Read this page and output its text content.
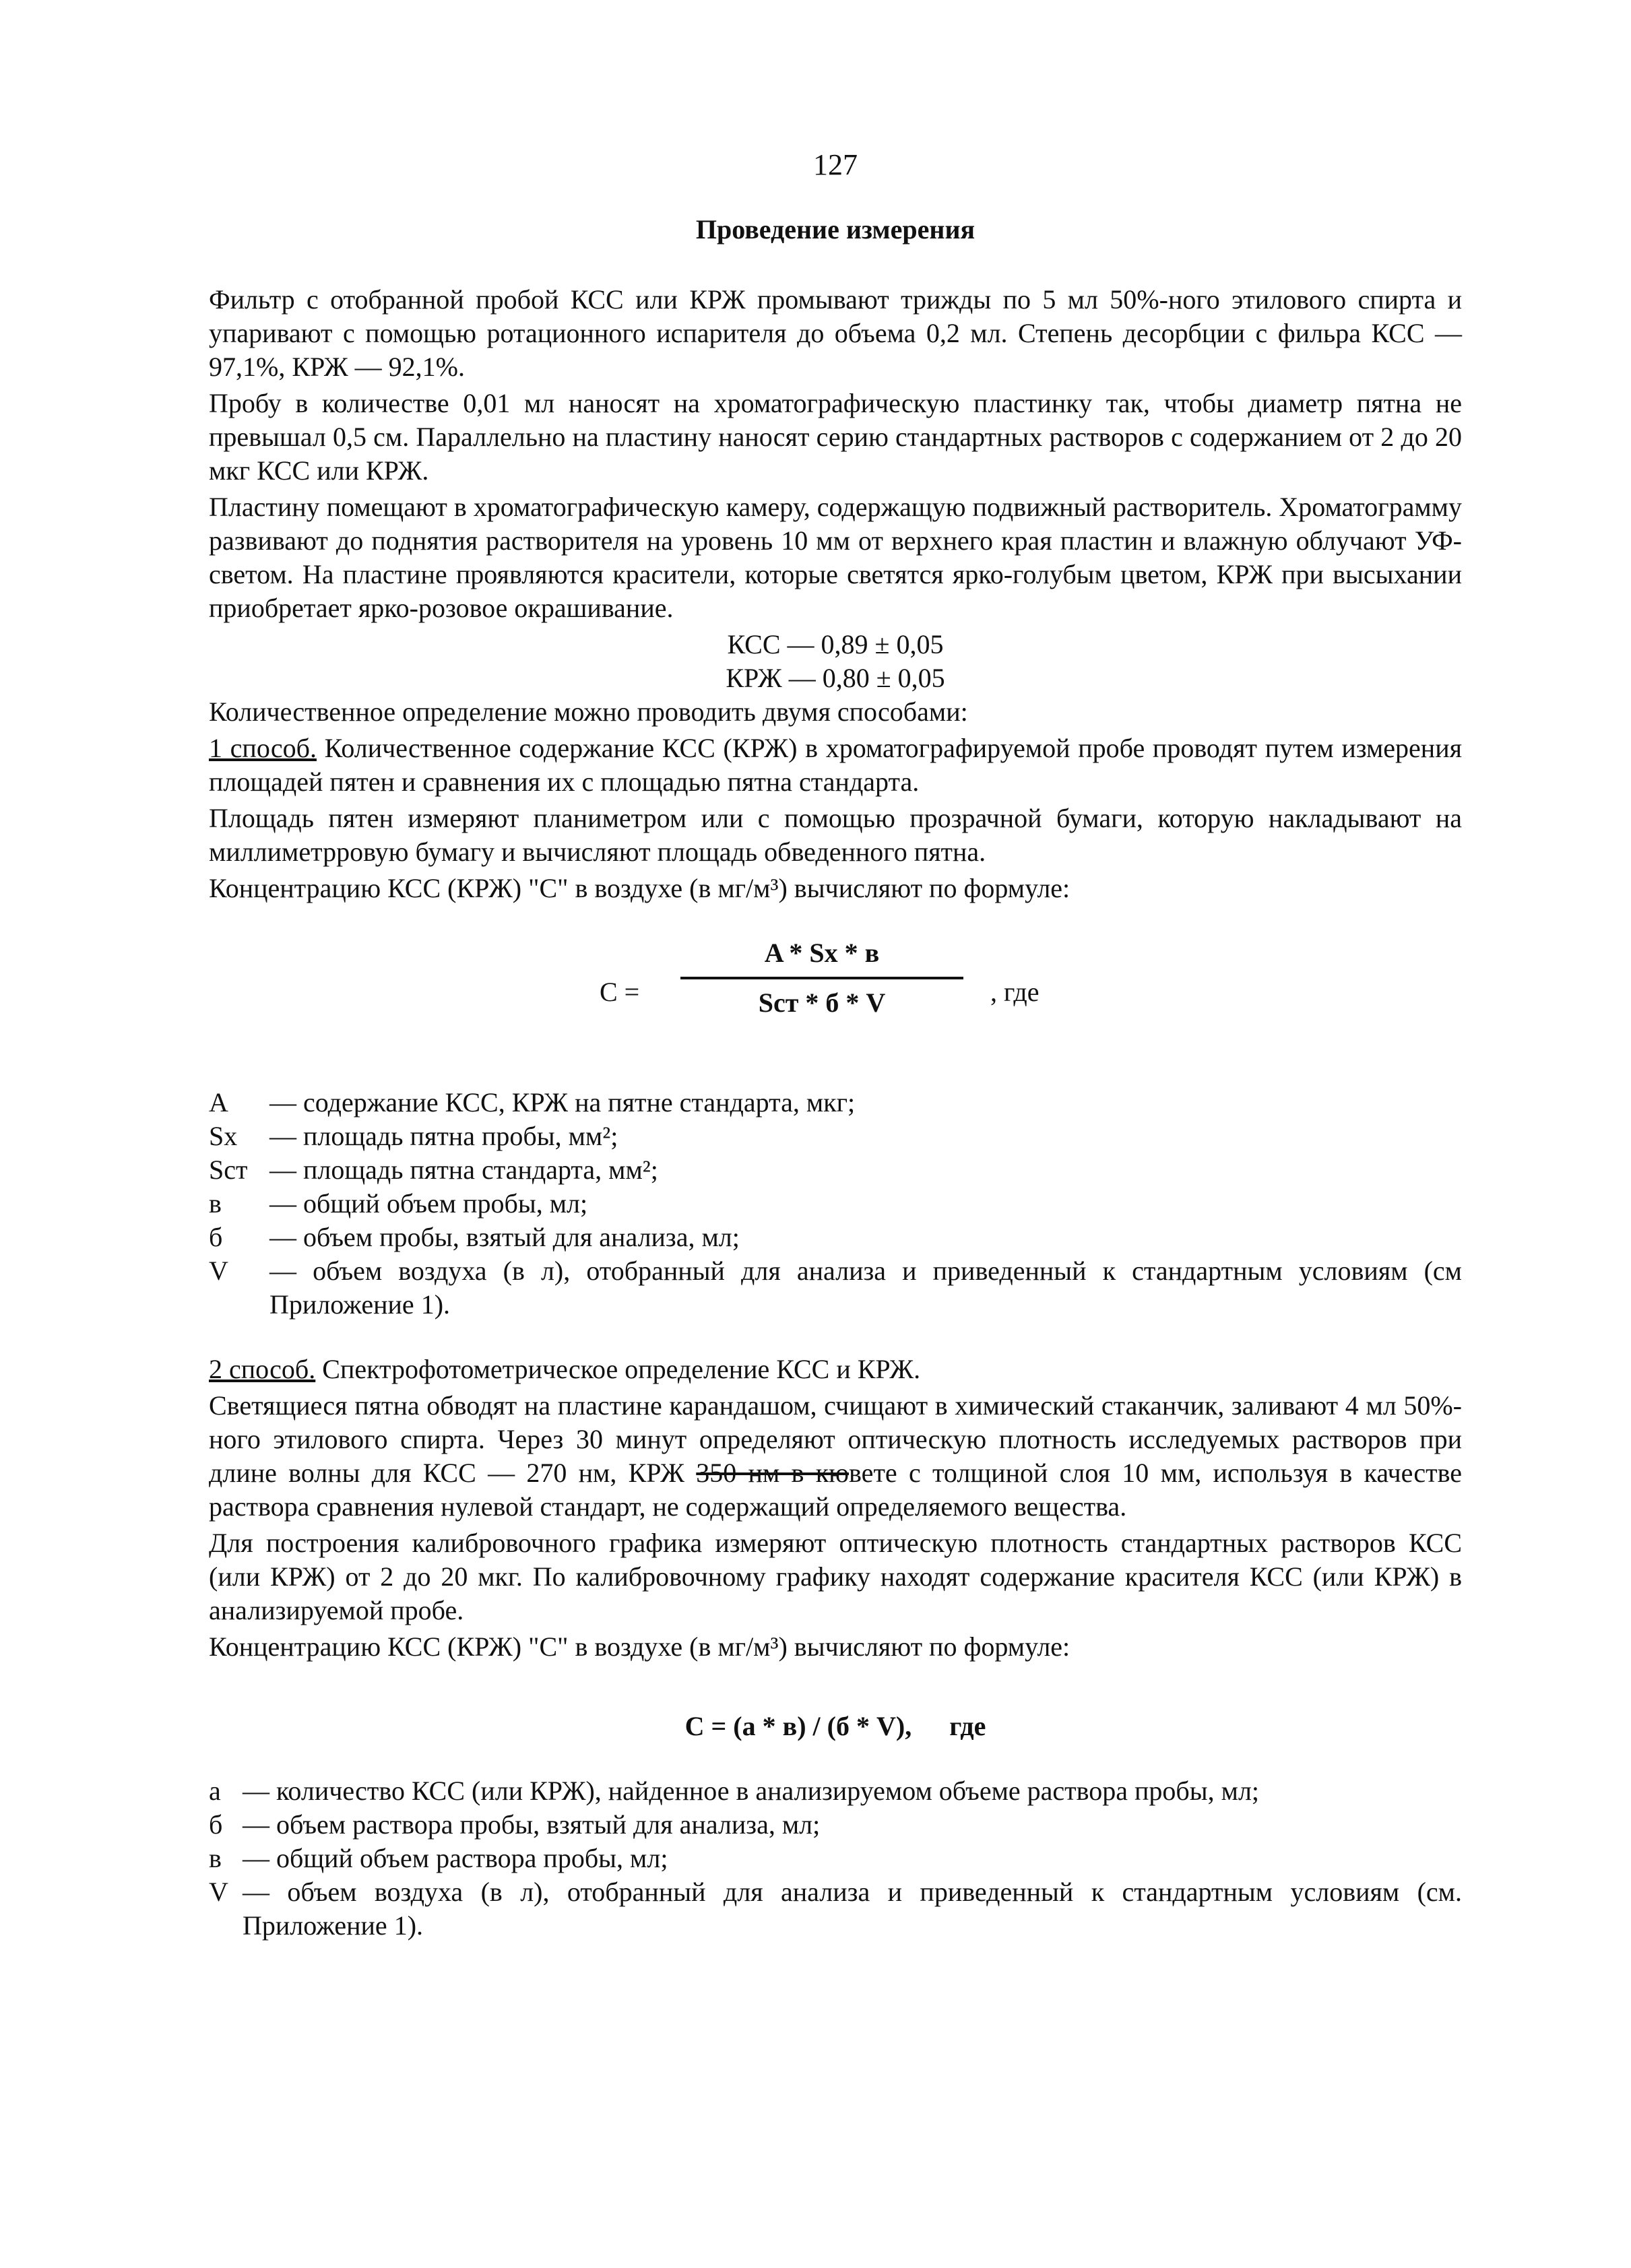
127
Проведение измерения

Фильтр с отобранной пробой КСС или КРЖ промывают трижды по 5 мл 50%-ного этилового спирта и упаривают с помощью ротационного испарителя до объема 0,2 мл. Степень десорбции с фильра КСС — 97,1%, КРЖ — 92,1%.

Пробу в количестве 0,01 мл наносят на хроматографическую пластинку так, чтобы диаметр пятна не превышал 0,5 см. Параллельно на пластину наносят серию стандартных растворов с содержанием от 2 до 20 мкг КСС или КРЖ.

Пластину помещают в хроматографическую камеру, содержащую подвижный растворитель. Хроматограмму развивают до поднятия растворителя на уровень 10 мм от верхнего края пластин и влажную облучают УФ-светом. На пластине проявляются красители, которые светятся ярко-голубым цветом, КРЖ при высыхании приобретает ярко-розовое окрашивание.

КСС — 0,89 ± 0,05

КРЖ — 0,80 ± 0,05

Количественное определение можно проводить двумя способами:

1 способ. Количественное содержание КСС (КРЖ) в хроматографируемой пробе проводят путем измерения площадей пятен и сравнения их с площадью пятна стандарта.

Площадь пятен измеряют планиметром или с помощью прозрачной бумаги, которую накладывают на миллиметрровую бумагу и вычисляют площадь обведенного пятна.

Концентрацию КСС (КРЖ) "С" в воздухе (в мг/м³) вычисляют по формуле:

С =
A * Sx * в
Sст * б * V	, где
А	— содержание КСС, КРЖ на пятне стандарта, мкг;
Sx	— площадь пятна пробы, мм²;
Sст — площадь пятна стандарта, мм²;
в	— общий объем пробы, мл;
б	— объем пробы, взятый для анализа, мл;
V	— объем воздуха (в л), отобранный для анализа и приведенный к стандартным условиям (см Приложение 1).

2 способ. Спектрофотометрическое определение КСС и КРЖ.

Светящиеся пятна обводят на пластине карандашом, счищают в химический стаканчик, заливают 4 мл 50%-ного этилового спирта. Через 30 минут определяют оптическую плотность исследуемых растворов при длине волны для КСС — 270 нм, КРЖ 350 нм в кювете с толщиной слоя 10 мм, используя в качестве раствора сравнения нулевой стандарт, не содержащий определяемого вещества.

Для построения калибровочного графика измеряют оптическую плотность стандартных растворов КСС (или КРЖ) от 2 до 20 мкг. По калибровочному графику находят содержание красителя КСС (или КРЖ) в анализируемой пробе.

Концентрацию КСС (КРЖ) "С" в воздухе (в мг/м³) вычисляют по формуле:

С = (а * в) / (б * V), где
а — количество КСС (или КРЖ), найденное в анализируемом объеме раствора пробы, мл;
б — объем раствора пробы, взятый для анализа, мл;
в — общий объем раствора пробы, мл;
V — объем воздуха (в л), отобранный для анализа и приведенный к стандартным условиям (см. Приложение 1).
